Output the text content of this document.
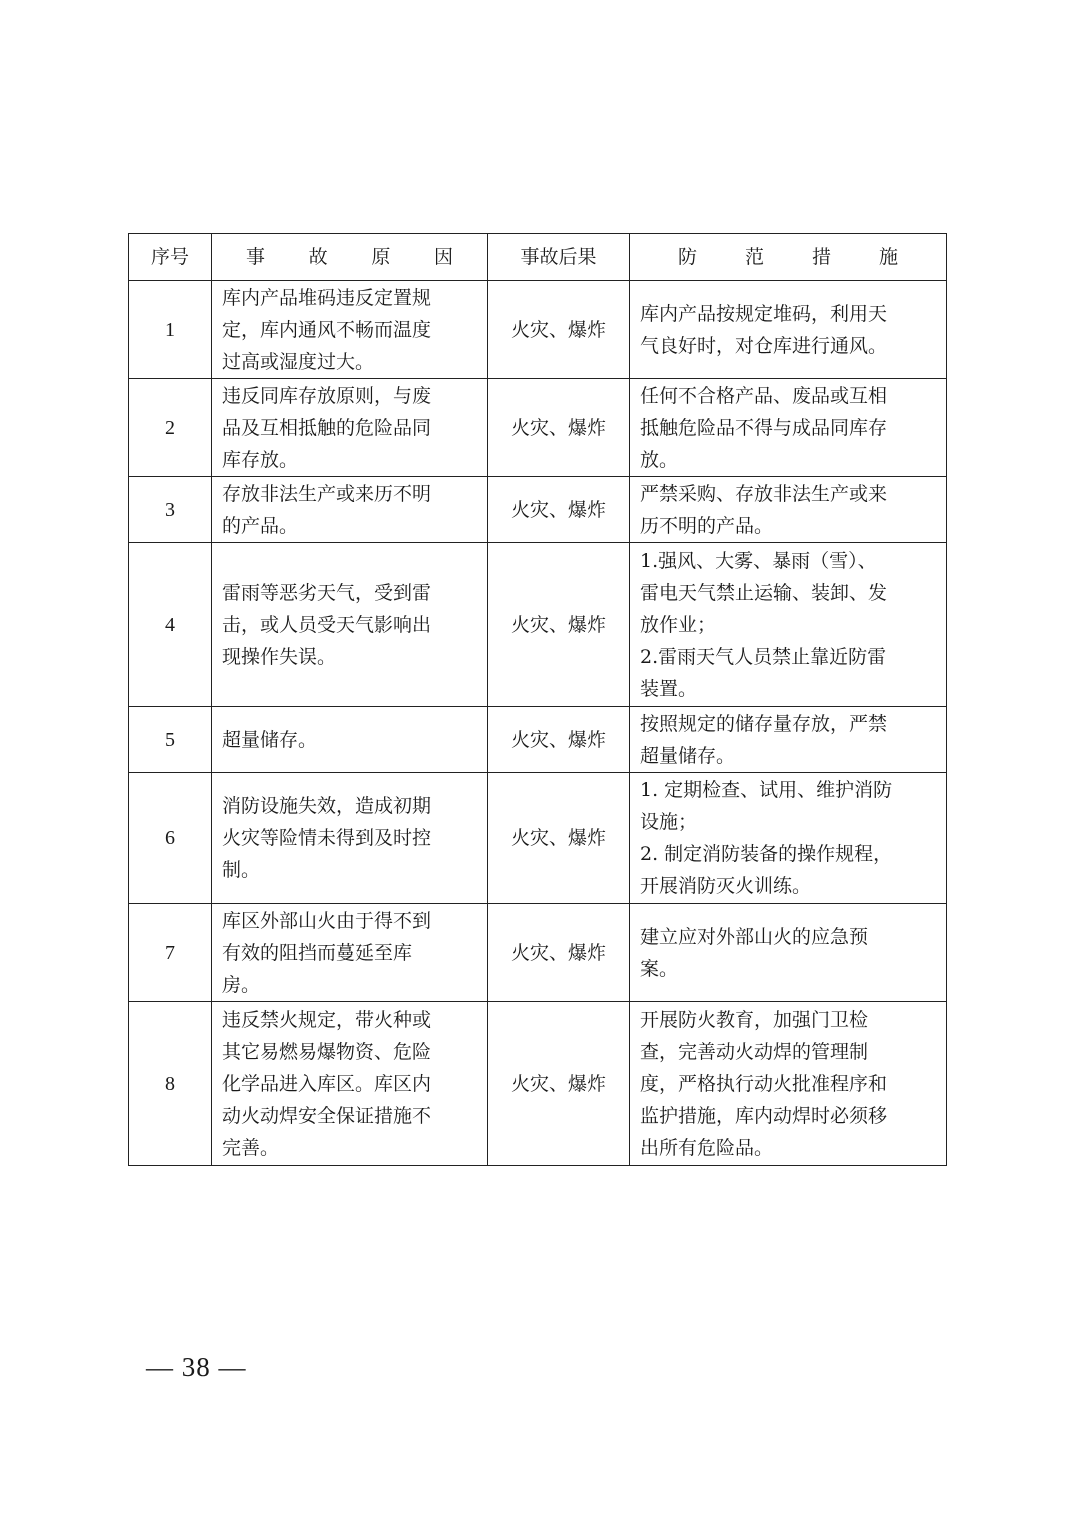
序号	事 故 原 因	事故后果	防 范 措 施

1	库内产品堆码违反定置规
定，库内通风不畅而温度
过高或湿度过大。	火灾、爆炸	库内产品按规定堆码，利用天
气良好时，对仓库进行通风。

2	违反同库存放原则，与废
品及互相抵触的危险品同
库存放。	火灾、爆炸	任何不合格产品、废品或互相
抵触危险品不得与成品同库存
放。

3	存放非法生产或来历不明
的产品。	火灾、爆炸	严禁采购、存放非法生产或来
历不明的产品。

4	雷雨等恶劣天气，受到雷
击，或人员受天气影响出
现操作失误。	火灾、爆炸	1.强风、大雾、暴雨（雪）、
雷电天气禁止运输、装卸、发
放作业；
2.雷雨天气人员禁止靠近防雷
装置。

5	超量储存。	火灾、爆炸	按照规定的储存量存放，严禁
超量储存。

6	消防设施失效，造成初期
火灾等险情未得到及时控
制。	火灾、爆炸	1. 定期检查、试用、维护消防
设施；
2. 制定消防装备的操作规程，
开展消防灭火训练。

7	库区外部山火由于得不到
有效的阻挡而蔓延至库
房。	火灾、爆炸	建立应对外部山火的应急预
案。

8	违反禁火规定，带火种或
其它易燃易爆物资、危险
化学品进入库区。库区内
动火动焊安全保证措施不
完善。	火灾、爆炸	开展防火教育，加强门卫检
查，完善动火动焊的管理制
度，严格执行动火批准程序和
监护措施，库内动焊时必须移
出所有危险品。
— 38 —
